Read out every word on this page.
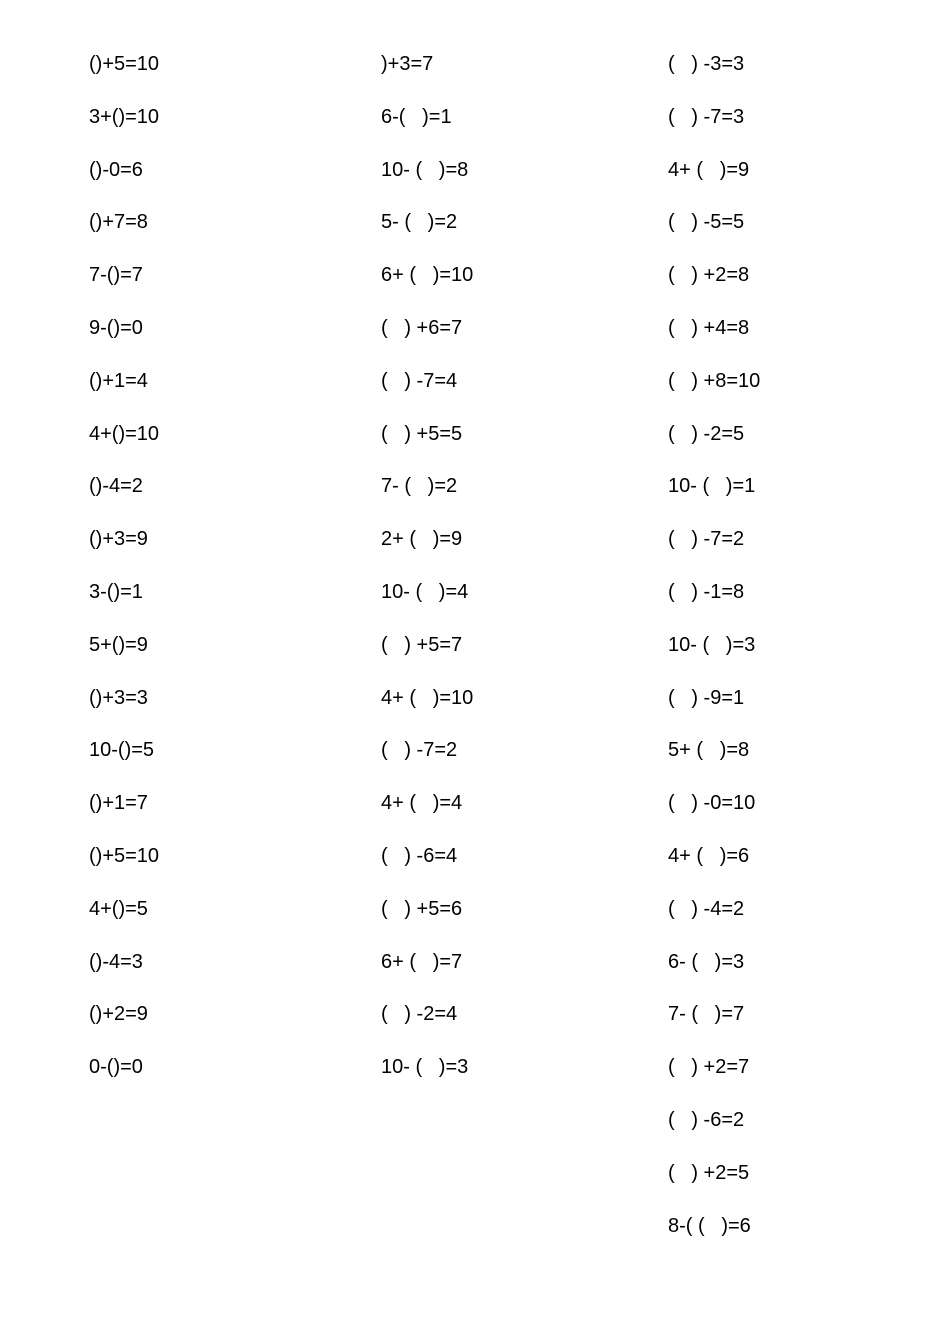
()+5=10
3+()=10
()-0=6
()+7=8
7-()=7
9-()=0
()+1=4
4+()=10
()-4=2
()+3=9
3-()=1
5+()=9
()+3=3
10-()=5
()+1=7
()+5=10
4+()=5
()-4=3
()+2=9
0-()=0
)+3=7
6-(   )=1
10- (   )=8
5- (   )=2
6+ (   )=10
(   ) +6=7
(   ) -7=4
(   ) +5=5
7- (   )=2
2+ (   )=9
10- (   )=4
(   ) +5=7
4+ (   )=10
(   ) -7=2
4+ (   )=4
(   ) -6=4
(   ) +5=6
6+ (   )=7
(   ) -2=4
10- (   )=3
(   ) -3=3
(   ) -7=3
4+ (   )=9
(   ) -5=5
(   ) +2=8
(   ) +4=8
(   ) +8=10
(   ) -2=5
10- (   )=1
(   ) -7=2
(   ) -1=8
10- (   )=3
(   ) -9=1
5+ (   )=8
(   ) -0=10
4+ (   )=6
(   ) -4=2
6- (   )=3
7- (   )=7
(   ) +2=7
(   ) -6=2
(   ) +2=5
8-( (   )=6
